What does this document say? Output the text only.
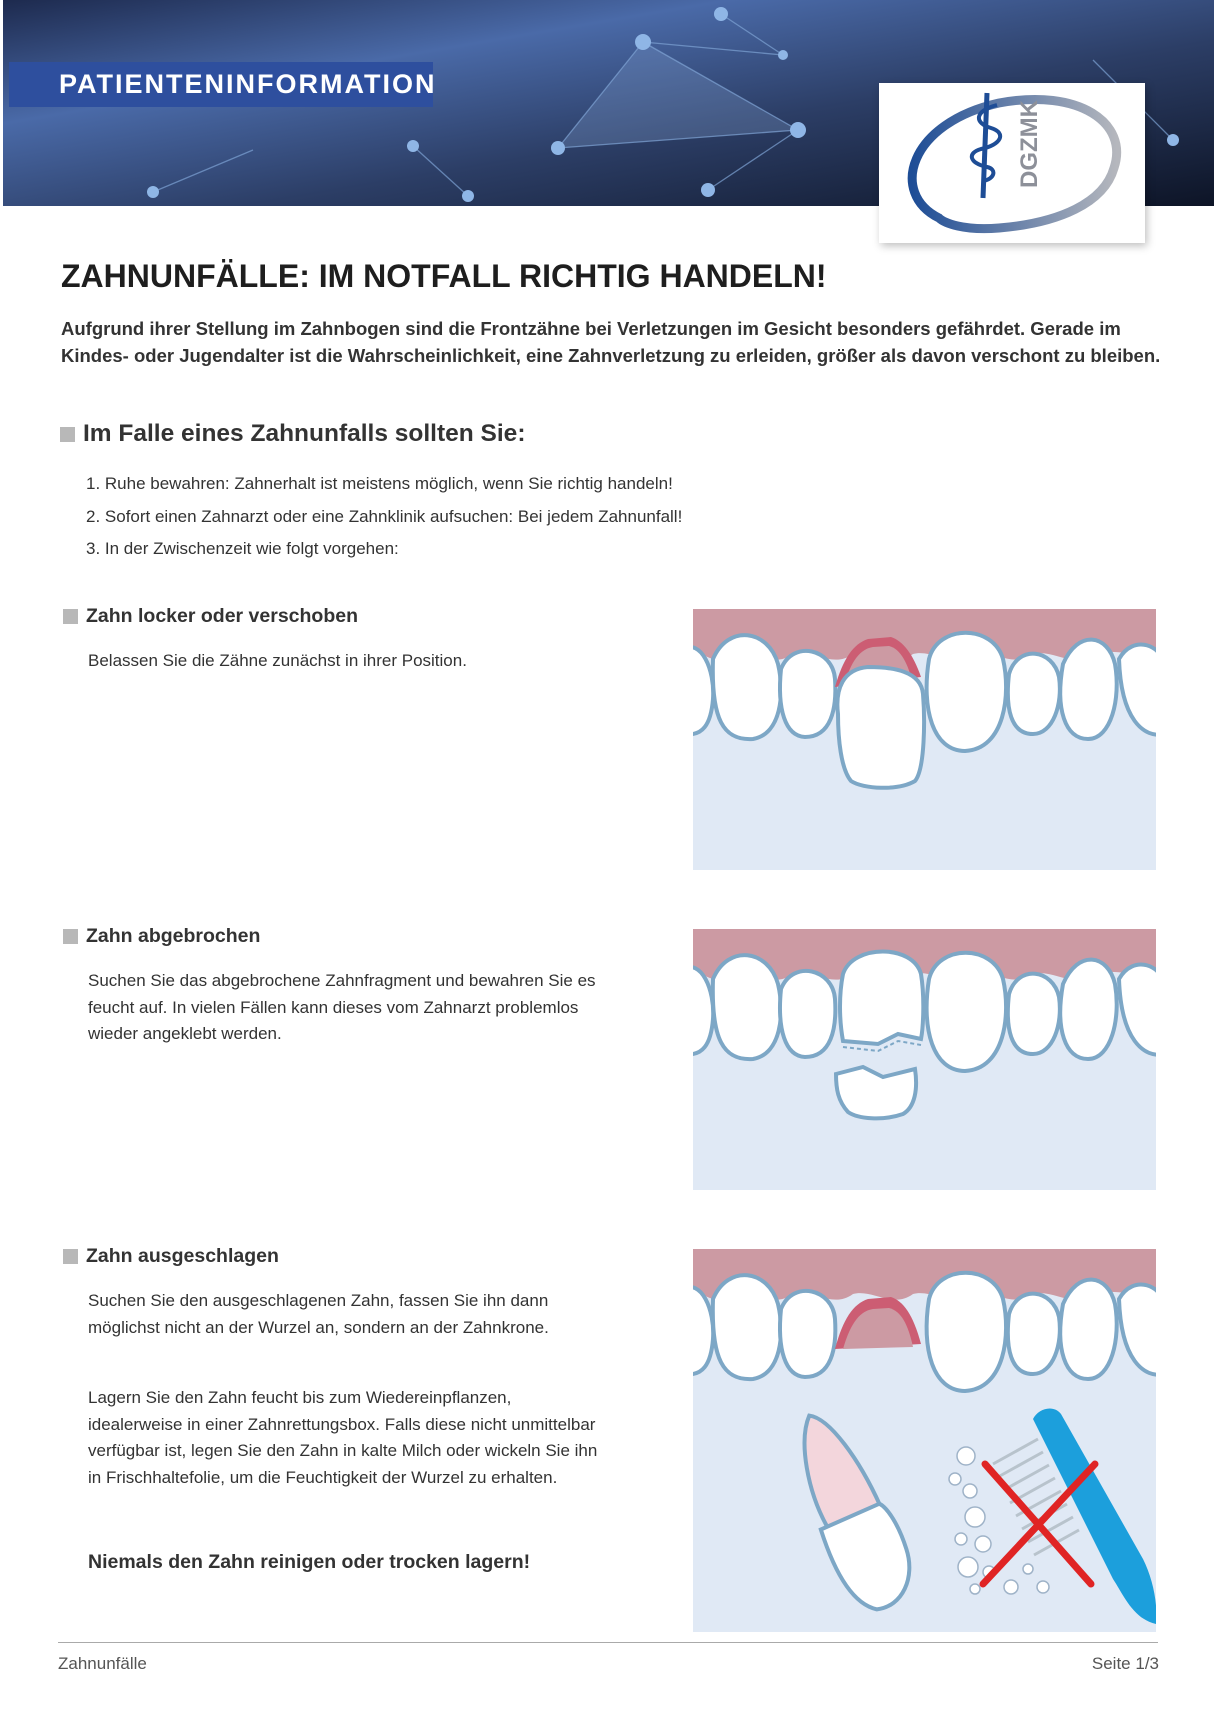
PATIENTENINFORMATION
DGZMK
ZAHNUNFÄLLE: IM NOTFALL RICHTIG HANDELN!
Aufgrund ihrer Stellung im Zahnbogen sind die Frontzähne bei Verletzungen im Gesicht besonders gefährdet. Gerade im Kindes- oder Jugendalter ist die Wahrscheinlichkeit, eine Zahnverletzung zu erleiden, größer als davon verschont zu bleiben.
Im Falle eines Zahnunfalls sollten Sie:
1. Ruhe bewahren: Zahnerhalt ist meistens möglich, wenn Sie richtig handeln!
2. Sofort einen Zahnarzt oder eine Zahnklinik aufsuchen: Bei jedem Zahnunfall!
3. In der Zwischenzeit wie folgt vorgehen:
Zahn locker oder verschoben
Belassen Sie die Zähne zunächst in ihrer Position.
Zahn abgebrochen
Suchen Sie das abgebrochene Zahnfragment und bewahren Sie es feucht auf. In vielen Fällen kann dieses vom Zahnarzt problemlos wieder angeklebt werden.
Zahn ausgeschlagen
Suchen Sie den ausgeschlagenen Zahn, fassen Sie ihn dann möglichst nicht an der Wurzel an, sondern an der Zahnkrone.
Lagern Sie den Zahn feucht bis zum Wiedereinpflanzen, idealerweise in einer Zahnrettungsbox. Falls diese nicht unmittelbar verfügbar ist, legen Sie den Zahn in kalte Milch oder wickeln Sie ihn in Frischhaltefolie, um die Feuchtigkeit der Wurzel zu erhalten.
Niemals den Zahn reinigen oder trocken lagern!
Zahnunfälle	Seite 1/3
